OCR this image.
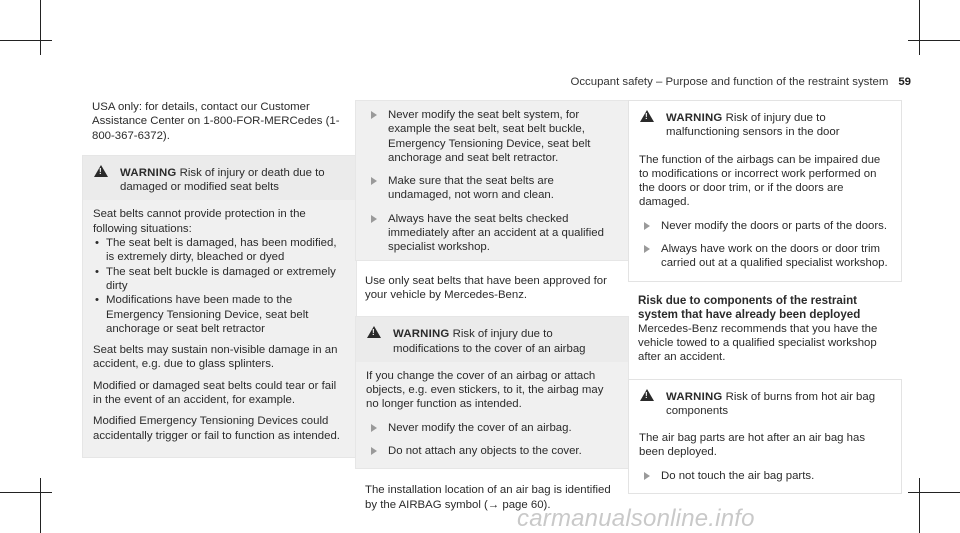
Occupant safety – Purpose and function of the restraint system 59

USA only: for details, contact our Customer Assistance Center on 1-800-FOR-MERCedes (1-800-367-6372).

!
WARNING Risk of injury or death due to damaged or modified seat belts

Seat belts cannot provide protection in the following situations:

• The seat belt is damaged, has been modified, is extremely dirty, bleached or dyed
• The seat belt buckle is damaged or extremely dirty
• Modifications have been made to the Emergency Tensioning Device, seat belt anchorage or seat belt retractor

Seat belts may sustain non-visible damage in an accident, e.g. due to glass splinters.

Modified or damaged seat belts could tear or fail in the event of an accident, for example.

Modified Emergency Tensioning Devices could accidentally trigger or fail to function as intended.

Never modify the seat belt system, for example the seat belt, seat belt buckle, Emergency Tensioning Device, seat belt anchorage and seat belt retractor.
Make sure that the seat belts are undamaged, not worn and clean.
Always have the seat belts checked immediately after an accident at a qualified specialist workshop.

Use only seat belts that have been approved for your vehicle by Mercedes-Benz.

!
WARNING Risk of injury due to modifications to the cover of an airbag

If you change the cover of an airbag or attach objects, e.g. even stickers, to it, the airbag may no longer function as intended.

Never modify the cover of an airbag.
Do not attach any objects to the cover.

The installation location of an air bag is identified by the AIRBAG symbol (→ page 60).

!
WARNING Risk of injury due to malfunctioning sensors in the door

The function of the airbags can be impaired due to modifications or incorrect work performed on the doors or door trim, or if the doors are damaged.

Never modify the doors or parts of the doors.
Always have work on the doors or door trim carried out at a qualified specialist workshop.

Risk due to components of the restraint system that have already been deployed

Mercedes-Benz recommends that you have the vehicle towed to a qualified specialist workshop after an accident.

!
WARNING Risk of burns from hot air bag components

The air bag parts are hot after an air bag has been deployed.

Do not touch the air bag parts.
carmanualsonline.info
